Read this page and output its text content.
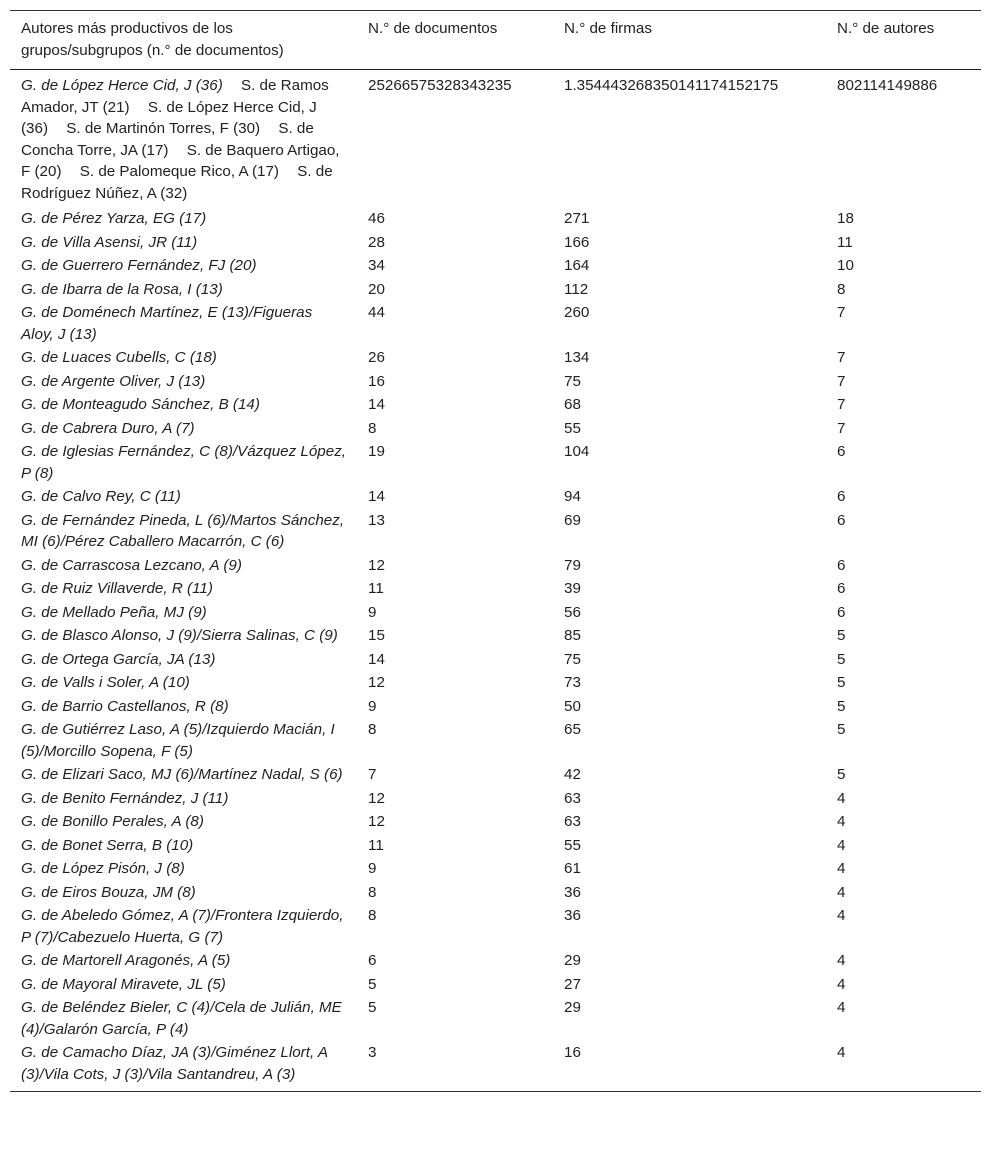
Autores más productivos de los grupos/subgrupos (n.° de documentos)	N.° de documentos	N.° de firmas	N.° de autores
G. de López Herce Cid, J (36) S. de Ramos Amador, JT (21) S. de López Herce Cid, J (36) S. de Martinón Torres, F (30) S. de Concha Torre, JA (17) S. de Baquero Artigao, F (20) S. de Palomeque Rico, A (17) S. de Rodríguez Núñez, A (32)	25266575328343235	1.354443268350141174152175	802114149886
G. de Pérez Yarza, EG (17)	46	271	18
G. de Villa Asensi, JR (11)	28	166	11
G. de Guerrero Fernández, FJ (20)	34	164	10
G. de Ibarra de la Rosa, I (13)	20	112	8
G. de Doménech Martínez, E (13)/Figueras Aloy, J (13)	44	260	7
G. de Luaces Cubells, C (18)	26	134	7
G. de Argente Oliver, J (13)	16	75	7
G. de Monteagudo Sánchez, B (14)	14	68	7
G. de Cabrera Duro, A (7)	8	55	7
G. de Iglesias Fernández, C (8)/Vázquez López, P (8)	19	104	6
G. de Calvo Rey, C (11)	14	94	6
G. de Fernández Pineda, L (6)/Martos Sánchez, MI (6)/Pérez Caballero Macarrón, C (6)	13	69	6
G. de Carrascosa Lezcano, A (9)	12	79	6
G. de Ruiz Villaverde, R (11)	11	39	6
G. de Mellado Peña, MJ (9)	9	56	6
G. de Blasco Alonso, J (9)/Sierra Salinas, C (9)	15	85	5
G. de Ortega García, JA (13)	14	75	5
G. de Valls i Soler, A (10)	12	73	5
G. de Barrio Castellanos, R (8)	9	50	5
G. de Gutiérrez Laso, A (5)/Izquierdo Macián, I (5)/Morcillo Sopena, F (5)	8	65	5
G. de Elizari Saco, MJ (6)/Martínez Nadal, S (6)	7	42	5
G. de Benito Fernández, J (11)	12	63	4
G. de Bonillo Perales, A (8)	12	63	4
G. de Bonet Serra, B (10)	11	55	4
G. de López Pisón, J (8)	9	61	4
G. de Eiros Bouza, JM (8)	8	36	4
G. de Abeledo Gómez, A (7)/Frontera Izquierdo, P (7)/Cabezuelo Huerta, G (7)	8	36	4
G. de Martorell Aragonés, A (5)	6	29	4
G. de Mayoral Miravete, JL (5)	5	27	4
G. de Beléndez Bieler, C (4)/Cela de Julián, ME (4)/Galarón García, P (4)	5	29	4
G. de Camacho Díaz, JA (3)/Giménez Llort, A (3)/Vila Cots, J (3)/Vila Santandreu, A (3)	3	16	4
